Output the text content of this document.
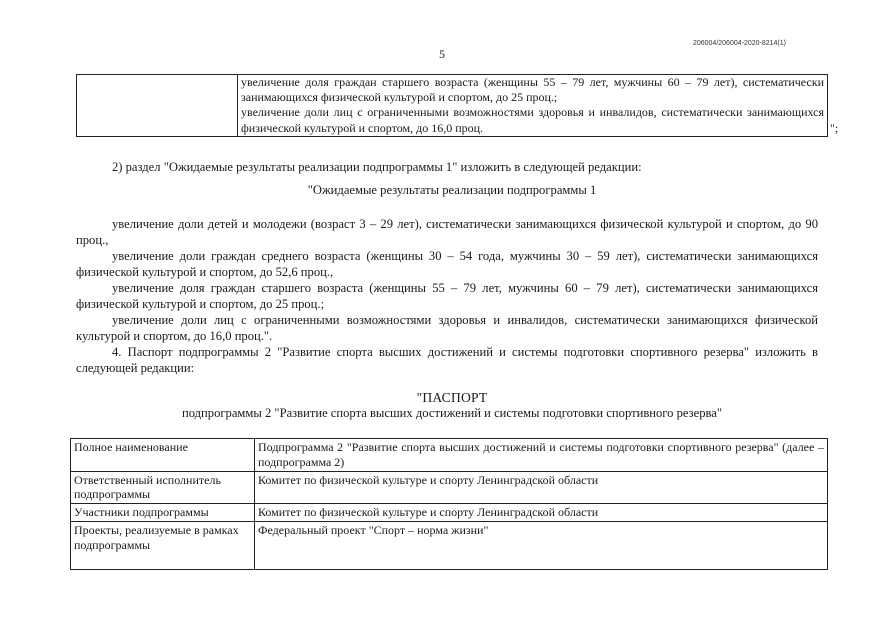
206004/206004-2020-8214(1)
5

увеличение доля граждан старшего возраста (женщины 55 – 79 лет, мужчины 60 – 79 лет), систематически занимающихся физической культурой и спортом, до 25 проц.;

увеличение доли лиц с ограниченными возможностями здоровья и инвалидов, систематически занимающихся физической культурой и спортом, до 16,0 проц.	";

2) раздел "Ожидаемые результаты реализации подпрограммы 1" изложить в следующей редакции:

"Ожидаемые результаты реализации подпрограммы 1

увеличение доли детей и молодежи (возраст 3 – 29 лет), систематически занимающихся физической культурой и спортом, до 90 проц.,

увеличение доли граждан среднего возраста (женщины 30 – 54 года, мужчины 30 – 59 лет), систематически занимающихся физической культурой и спортом, до 52,6 проц.,

увеличение доля граждан старшего возраста (женщины 55 – 79 лет, мужчины 60 – 79 лет), систематически занимающихся физической культурой и спортом, до 25 проц.;

увеличение доли лиц с ограниченными возможностями здоровья и инвалидов, систематически занимающихся физической культурой и спортом, до 16,0 проц.".

4. Паспорт подпрограммы 2 "Развитие спорта высших достижений и системы подготовки спортивного резерва" изложить в следующей редакции:

"ПАСПОРТ

подпрограммы 2 "Развитие спорта высших достижений и системы подготовки спортивного резерва"

Полное наименование	Подпрограмма 2 "Развитие спорта высших достижений и системы подготовки спортивного резерва" (далее – подпрограмма 2)
Ответственный исполнитель подпрограммы	Комитет по физической культуре и спорту Ленинградской области
Участники подпрограммы	Комитет по физической культуре и спорту Ленинградской области
Проекты, реализуемые в рамках подпрограммы	Федеральный проект "Спорт – норма жизни"
